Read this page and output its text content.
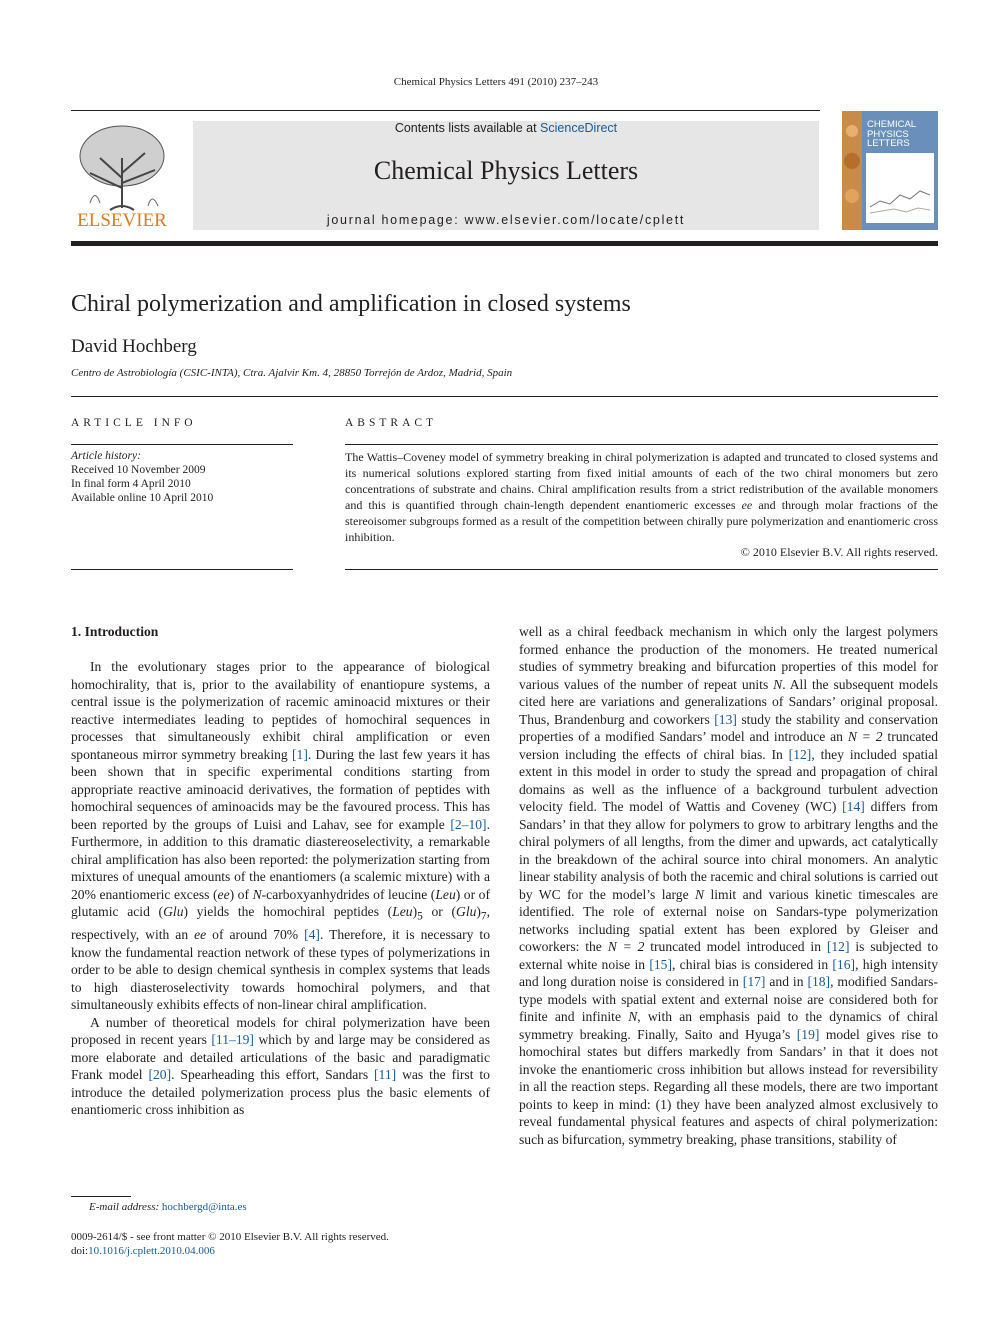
Chemical Physics Letters 491 (2010) 237–243
ELSEVIER
Contents lists available at ScienceDirect
Chemical Physics Letters
journal homepage: www.elsevier.com/locate/cplett
CHEMICAL
PHYSICS
LETTERS
Chiral polymerization and amplification in closed systems
David Hochberg
Centro de Astrobiología (CSIC-INTA), Ctra. Ajalvir Km. 4, 28850 Torrejón de Ardoz, Madrid, Spain
ARTICLE INFO
Article history:
Received 10 November 2009
In final form 4 April 2010
Available online 10 April 2010
ABSTRACT
The Wattis–Coveney model of symmetry breaking in chiral polymerization is adapted and truncated to closed systems and its numerical solutions explored starting from fixed initial amounts of each of the two chiral monomers but zero concentrations of substrate and chains. Chiral amplification results from a strict redistribution of the available monomers and this is quantified through chain-length dependent enantiomeric excesses ee and through molar fractions of the stereoisomer subgroups formed as a result of the competition between chirally pure polymerization and enantiomeric cross inhibition.
© 2010 Elsevier B.V. All rights reserved.
1. Introduction

In the evolutionary stages prior to the appearance of biological homochirality, that is, prior to the availability of enantiopure systems, a central issue is the polymerization of racemic aminoacid mixtures or their reactive intermediates leading to peptides of homochiral sequences in processes that simultaneously exhibit chiral amplification or even spontaneous mirror symmetry breaking [1]. During the last few years it has been shown that in specific experimental conditions starting from appropriate reactive aminoacid derivatives, the formation of peptides with homochiral sequences of aminoacids may be the favoured process. This has been reported by the groups of Luisi and Lahav, see for example [2–10]. Furthermore, in addition to this dramatic diastereoselectivity, a remarkable chiral amplification has also been reported: the polymerization starting from mixtures of unequal amounts of the enantiomers (a scalemic mixture) with a 20% enantiomeric excess (ee) of N-carboxyanhydrides of leucine (Leu) or of glutamic acid (Glu) yields the homochiral peptides $(Leu)_5$ or $(Glu)_7$, respectively, with an ee of around 70% [4]. Therefore, it is necessary to know the fundamental reaction network of these types of polymerizations in order to be able to design chemical synthesis in complex systems that leads to high diasteroselectivity towards homochiral polymers, and that simultaneously exhibits effects of non-linear chiral amplification.

A number of theoretical models for chiral polymerization have been proposed in recent years [11–19] which by and large may be considered as more elaborate and detailed articulations of the basic and paradigmatic Frank model [20]. Spearheading this effort, Sandars [11] was the first to introduce the detailed polymerization process plus the basic elements of enantiomeric cross inhibition as

well as a chiral feedback mechanism in which only the largest polymers formed enhance the production of the monomers. He treated numerical studies of symmetry breaking and bifurcation properties of this model for various values of the number of repeat units N. All the subsequent models cited here are variations and generalizations of Sandars’ original proposal. Thus, Brandenburg and coworkers [13] study the stability and conservation properties of a modified Sandars’ model and introduce an N = 2 truncated version including the effects of chiral bias. In [12], they included spatial extent in this model in order to study the spread and propagation of chiral domains as well as the influence of a background turbulent advection velocity field. The model of Wattis and Coveney (WC) [14] differs from Sandars’ in that they allow for polymers to grow to arbitrary lengths and the chiral polymers of all lengths, from the dimer and upwards, act catalytically in the breakdown of the achiral source into chiral monomers. An analytic linear stability analysis of both the racemic and chiral solutions is carried out by WC for the model’s large N limit and various kinetic timescales are identified. The role of external noise on Sandars-type polymerization networks including spatial extent has been explored by Gleiser and coworkers: the N = 2 truncated model introduced in [12] is subjected to external white noise in [15], chiral bias is considered in [16], high intensity and long duration noise is considered in [17] and in [18], modified Sandars-type models with spatial extent and external noise are considered both for finite and infinite N, with an emphasis paid to the dynamics of chiral symmetry breaking. Finally, Saito and Hyuga’s [19] model gives rise to homochiral states but differs markedly from Sandars’ in that it does not invoke the enantiomeric cross inhibition but allows instead for reversibility in all the reaction steps. Regarding all these models, there are two important points to keep in mind: (1) they have been analyzed almost exclusively to reveal fundamental physical features and aspects of chiral polymerization: such as bifurcation, symmetry breaking, phase transitions, stability of

E-mail address: hochbergd@inta.es
0009-2614/$ - see front matter © 2010 Elsevier B.V. All rights reserved.
doi:10.1016/j.cplett.2010.04.006
